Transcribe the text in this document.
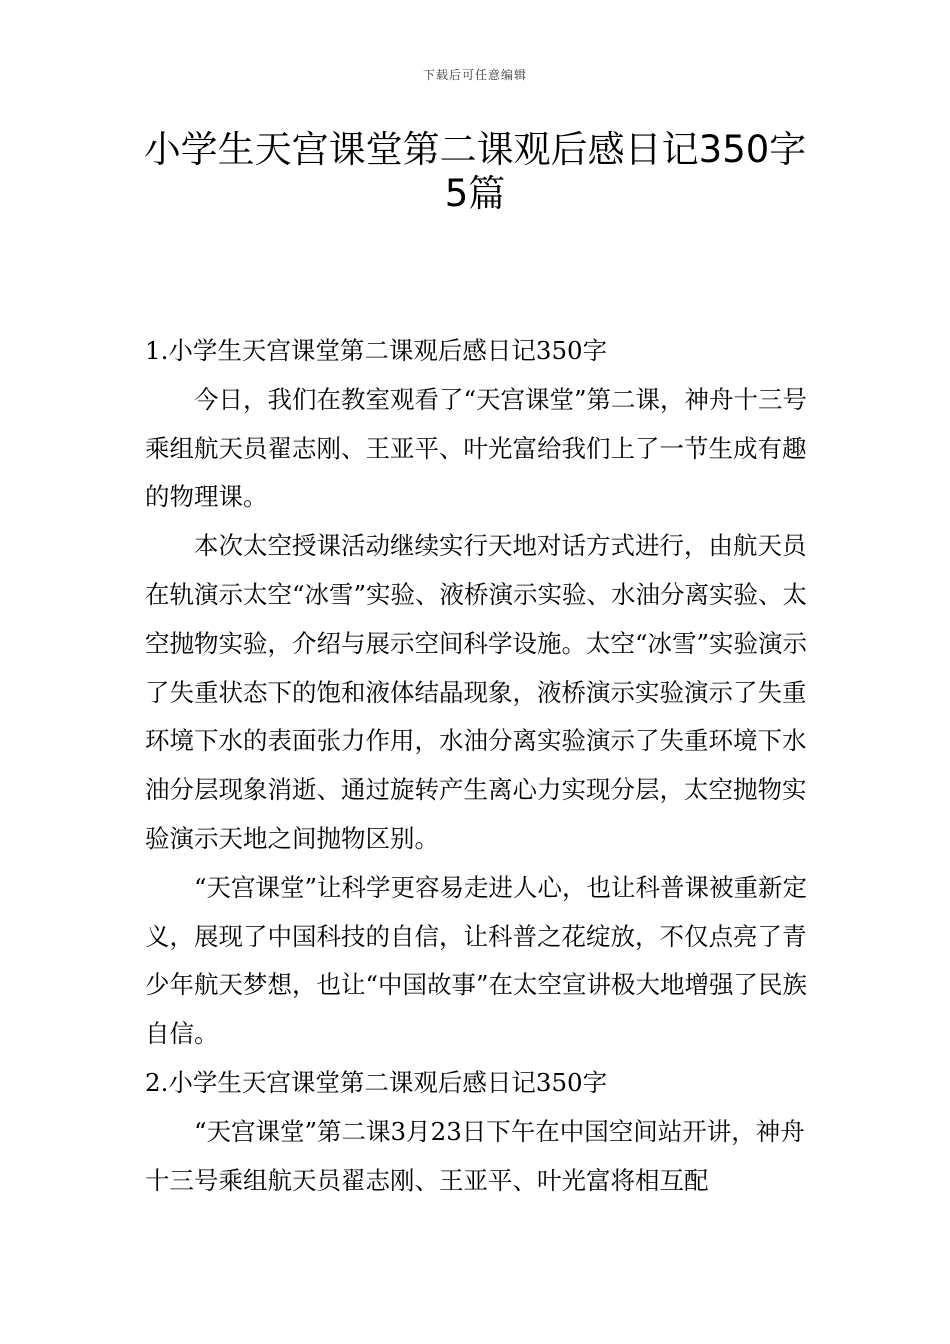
下载后可任意编辑
小学生天宫课堂第二课观后感日记350字5篇

1.小学生天宫课堂第二课观后感日记350字

今日，我们在教室观看了“天宫课堂”第二课，神舟十三号乘组航天员翟志刚、王亚平、叶光富给我们上了一节生成有趣的物理课。

本次太空授课活动继续实行天地对话方式进行，由航天员在轨演示太空“冰雪”实验、液桥演示实验、水油分离实验、太空抛物实验，介绍与展示空间科学设施。太空“冰雪”实验演示了失重状态下的饱和液体结晶现象，液桥演示实验演示了失重环境下水的表面张力作用，水油分离实验演示了失重环境下水油分层现象消逝、通过旋转产生离心力实现分层，太空抛物实验演示天地之间抛物区别。

“天宫课堂”让科学更容易走进人心，也让科普课被重新定义，展现了中国科技的自信，让科普之花绽放，不仅点亮了青少年航天梦想，也让“中国故事”在太空宣讲极大地增强了民族自信。

2.小学生天宫课堂第二课观后感日记350字

“天宫课堂”第二课3月23日下午在中国空间站开讲，神舟十三号乘组航天员翟志刚、王亚平、叶光富将相互配
